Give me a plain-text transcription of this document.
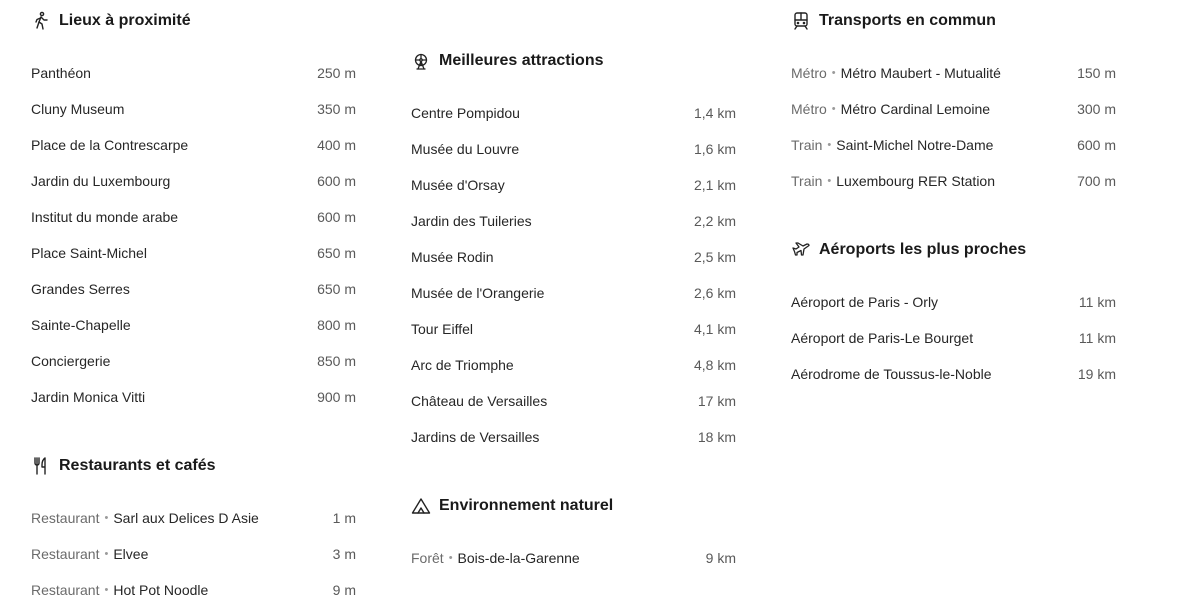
Lieux à proximité
Panthéon	250 m
Cluny Museum	350 m
Place de la Contrescarpe	400 m
Jardin du Luxembourg	600 m
Institut du monde arabe	600 m
Place Saint-Michel	650 m
Grandes Serres	650 m
Sainte-Chapelle	800 m
Conciergerie	850 m
Jardin Monica Vitti	900 m
Restaurants et cafés
Restaurant • Sarl aux Delices D Asie	1 m
Restaurant • Elvee	3 m
Restaurant • Hot Pot Noodle	9 m
Meilleures attractions
Centre Pompidou	1,4 km
Musée du Louvre	1,6 km
Musée d'Orsay	2,1 km
Jardin des Tuileries	2,2 km
Musée Rodin	2,5 km
Musée de l'Orangerie	2,6 km
Tour Eiffel	4,1 km
Arc de Triomphe	4,8 km
Château de Versailles	17 km
Jardins de Versailles	18 km
Environnement naturel
Forêt • Bois-de-la-Garenne	9 km
Transports en commun
Métro • Métro Maubert - Mutualité	150 m
Métro • Métro Cardinal Lemoine	300 m
Train • Saint-Michel Notre-Dame	600 m
Train • Luxembourg RER Station	700 m
Aéroports les plus proches
Aéroport de Paris - Orly	11 km
Aéroport de Paris-Le Bourget	11 km
Aérodrome de Toussus-le-Noble	19 km
